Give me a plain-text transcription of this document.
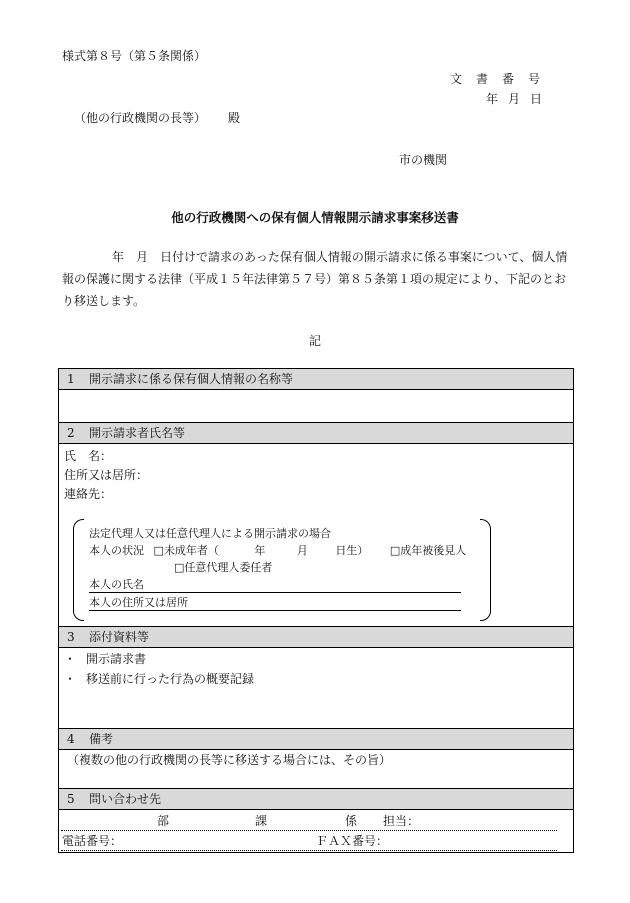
様式第８号（第５条関係）
文書番号
年月日
（他の行政機関の長等） 殿
市の機関
他の行政機関への保有個人情報開示請求事案移送書
年　月　日付けで請求のあった保有個人情報の開示請求に係る事案について、個人情報の保護に関する法律（平成１５年法律第５７号）第８５条第１項の規定により、下記のとおり移送します。
記
1 開示請求に係る保有個人情報の名称等

2 開示請求者氏名等

氏　名：
住所又は居所：
連絡先：
法定代理人又は任意代理人による開示請求の場合
本人の状況 □未成年者（	年	月	日生） □成年被後見人
□任意代理人委任者
本人の氏名
本人の住所又は居所

3 添付資料等

・ 開示請求書
・ 移送前に行った行為の概要記録

4 備考
（複数の他の行政機関の長等に移送する場合には、その旨）
5 問い合わせ先

部	課	係 担当：
電話番号：	ＦＡＸ番号：
